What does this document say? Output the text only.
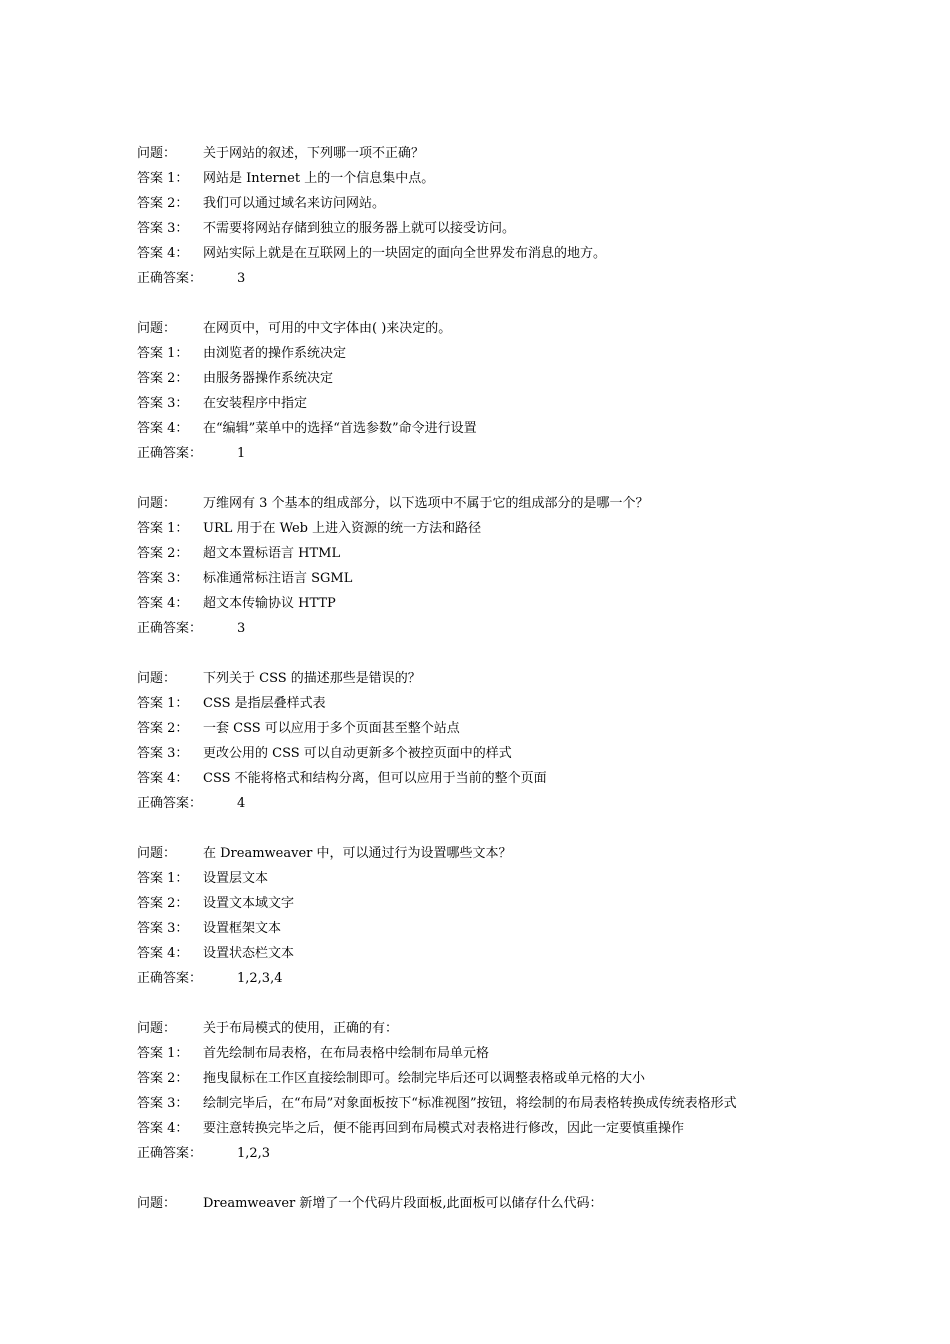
问题：	关于网站的叙述，下列哪一项不正确？
答案 1：	网站是 Internet 上的一个信息集中点。
答案 2：	我们可以通过域名来访问网站。
答案 3：	不需要将网站存储到独立的服务器上就可以接受访问。
答案 4：	网站实际上就是在互联网上的一块固定的面向全世界发布消息的地方。
正确答案：	3
问题：	在网页中，可用的中文字体由( )来决定的。
答案 1：	由浏览者的操作系统决定
答案 2：	由服务器操作系统决定
答案 3：	在安装程序中指定
答案 4：	在“编辑”菜单中的选择“首选参数”命令进行设置
正确答案：	1
问题：	万维网有 3 个基本的组成部分，以下选项中不属于它的组成部分的是哪一个？
答案 1：	URL 用于在 Web 上进入资源的统一方法和路径
答案 2：	超文本置标语言 HTML
答案 3：	标准通常标注语言 SGML
答案 4：	超文本传输协议 HTTP
正确答案：	3
问题：	下列关于 CSS 的描述那些是错误的？
答案 1：	CSS 是指层叠样式表
答案 2：	一套 CSS 可以应用于多个页面甚至整个站点
答案 3：	更改公用的 CSS 可以自动更新多个被控页面中的样式
答案 4：	CSS 不能将格式和结构分离，但可以应用于当前的整个页面
正确答案：	4
问题：	在 Dreamweaver 中，可以通过行为设置哪些文本？
答案 1：	设置层文本
答案 2：	设置文本域文字
答案 3：	设置框架文本
答案 4：	设置状态栏文本
正确答案：	1,2,3,4
问题：	关于布局模式的使用，正确的有：
答案 1：	首先绘制布局表格，在布局表格中绘制布局单元格
答案 2：	拖曳鼠标在工作区直接绘制即可。绘制完毕后还可以调整表格或单元格的大小
答案 3：	绘制完毕后，在“布局”对象面板按下“标准视图”按钮，将绘制的布局表格转换成传统表格形式
答案 4：	要注意转换完毕之后，便不能再回到布局模式对表格进行修改，因此一定要慎重操作
正确答案：	1,2,3
问题：	Dreamweaver 新增了一个代码片段面板,此面板可以储存什么代码：
